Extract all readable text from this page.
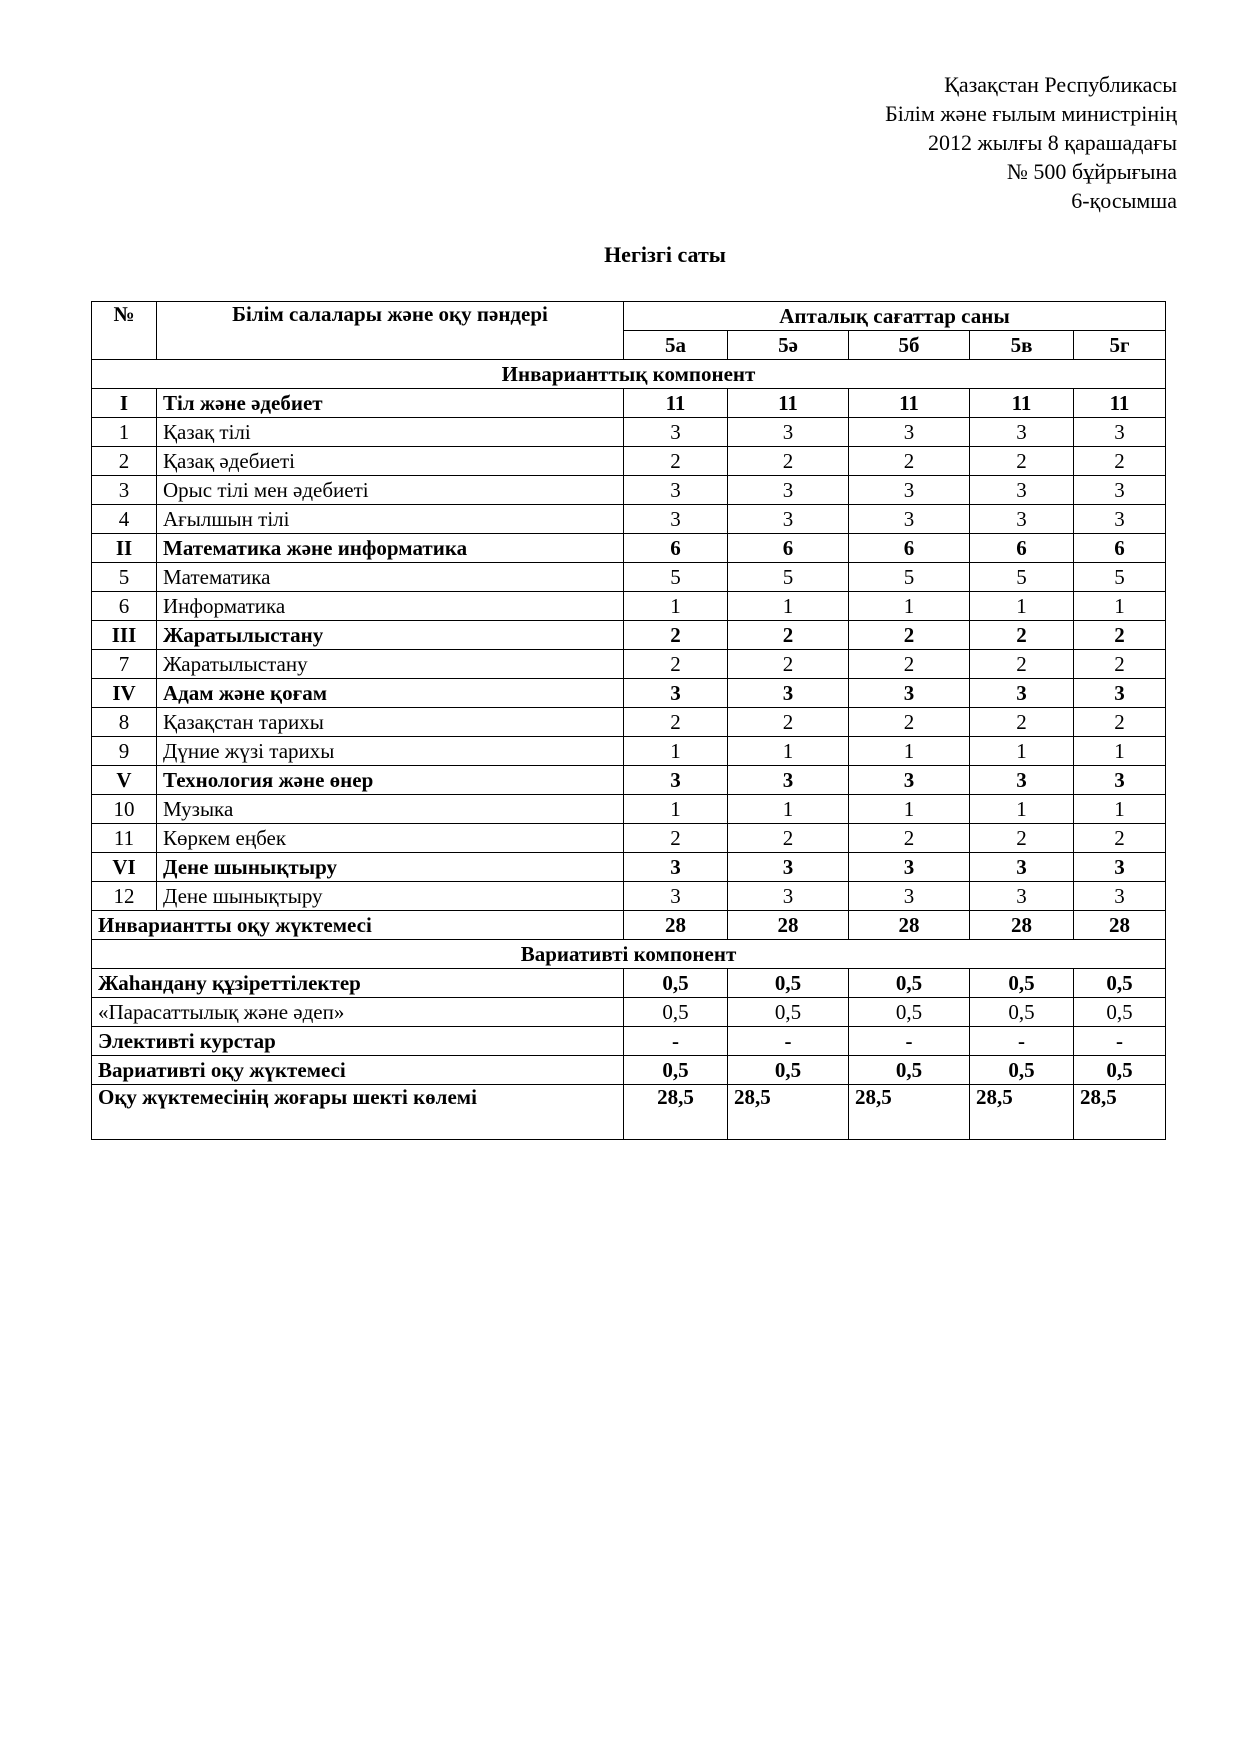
Қазақстан Республикасы
Білім және ғылым министрінің
2012 жылғы 8 қарашадағы
№ 500 бұйрығына
6-қосымша
Негізгі саты
№	Білім салалары және оқу пәндері	Апталық сағаттар саны				
		5а	5ә	5б	5в	5г
Инварианттық компонент						
I	Тіл және әдебиет	11	11	11	11	11
1	Қазақ тілі	3	3	3	3	3
2	Қазақ әдебиеті	2	2	2	2	2
3	Орыс тілі мен әдебиеті	3	3	3	3	3
4	Ағылшын тілі	3	3	3	3	3
II	Математика және информатика	6	6	6	6	6
5	Математика	5	5	5	5	5
6	Информатика	1	1	1	1	1
III	Жаратылыстану	2	2	2	2	2
7	Жаратылыстану	2	2	2	2	2
IV	Адам және қоғам	3	3	3	3	3
8	Қазақстан тарихы	2	2	2	2	2
9	Дүние жүзі тарихы	1	1	1	1	1
V	Технология және өнер	3	3	3	3	3
10	Музыка	1	1	1	1	1
11	Көркем еңбек	2	2	2	2	2
VI	Дене шынықтыру	3	3	3	3	3
12	Дене шынықтыру	3	3	3	3	3
Инвариантты оқу жүктемесі		28	28	28	28	28
Вариативті компонент						
Жаһандану құзіреттілектер		0,5	0,5	0,5	0,5	0,5
«Парасаттылық және әдеп»		0,5	0,5	0,5	0,5	0,5
Элективті курстар		-	-	-	-	-
Вариативті оқу жүктемесі		0,5	0,5	0,5	0,5	0,5
Оқу жүктемесінің жоғары шекті көлемі		28,5	28,5	28,5	28,5	28,5
